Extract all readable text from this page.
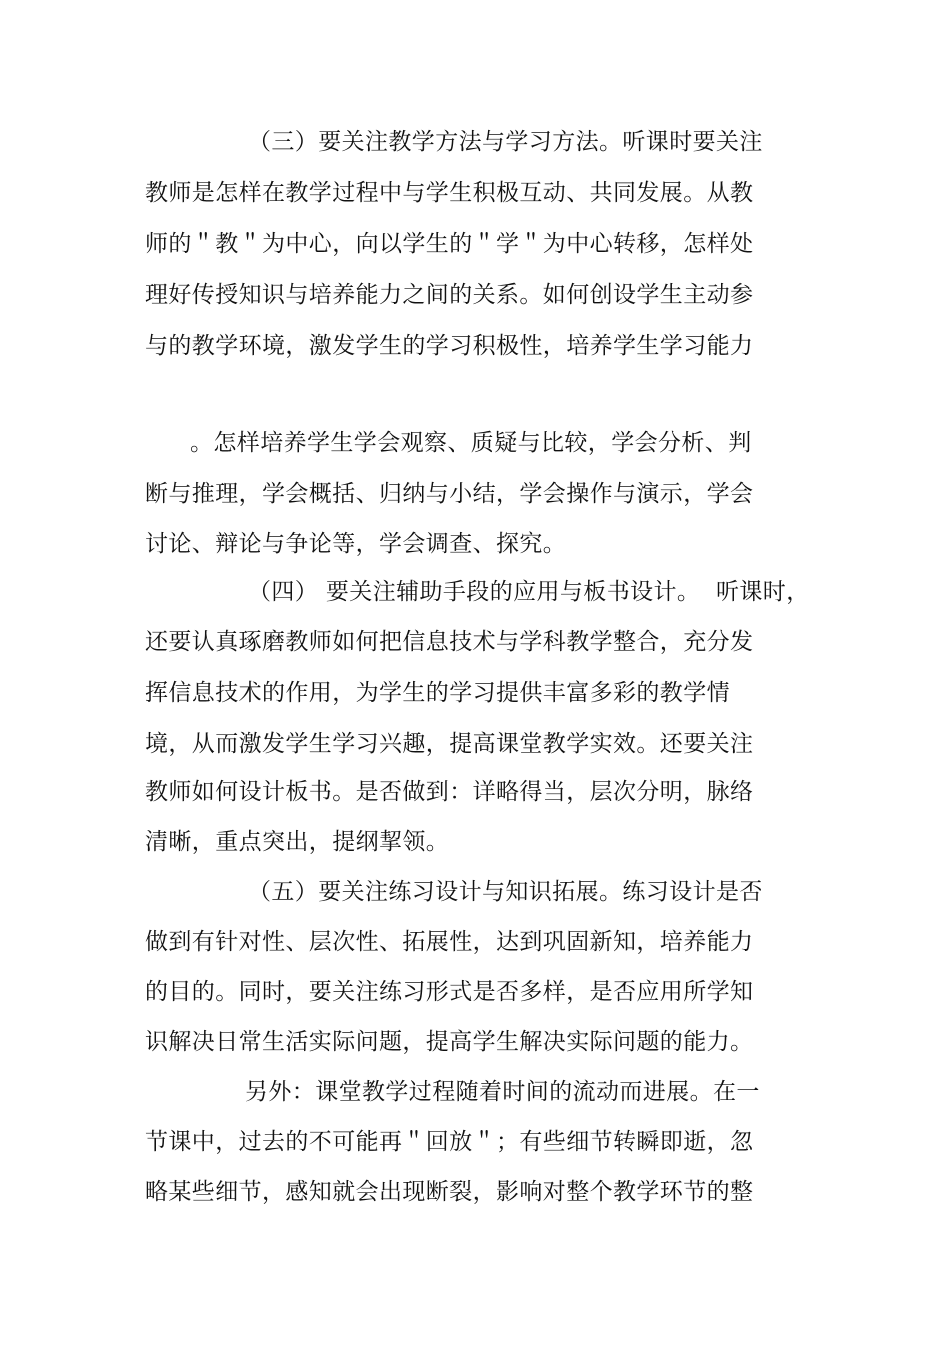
（三）要关注教学方法与学习方法。听课时要关注
教师是怎样在教学过程中与学生积极互动、共同发展。从教
师的＂教＂为中心，向以学生的＂学＂为中心转移，怎样处
理好传授知识与培养能力之间的关系。如何创设学生主动参
与的教学环境，激发学生的学习积极性，培养学生学习能力
。怎样培养学生学会观察、质疑与比较，学会分析、判
断与推理，学会概括、归纳与小结，学会操作与演示，学会
讨论、辩论与争论等，学会调查、探究。
（四） 要关注辅助手段的应用与板书设计。 听课时，
还要认真琢磨教师如何把信息技术与学科教学整合，充分发
挥信息技术的作用，为学生的学习提供丰富多彩的教学情
境，从而激发学生学习兴趣，提高课堂教学实效。还要关注
教师如何设计板书。是否做到：详略得当，层次分明，脉络
清晰，重点突出，提纲挈领。
（五）要关注练习设计与知识拓展。练习设计是否
做到有针对性、层次性、拓展性，达到巩固新知，培养能力
的目的。同时，要关注练习形式是否多样，是否应用所学知
识解决日常生活实际问题，提高学生解决实际问题的能力。
另外：课堂教学过程随着时间的流动而进展。在一
节课中，过去的不可能再＂回放＂；有些细节转瞬即逝，忽
略某些细节，感知就会出现断裂，影响对整个教学环节的整
